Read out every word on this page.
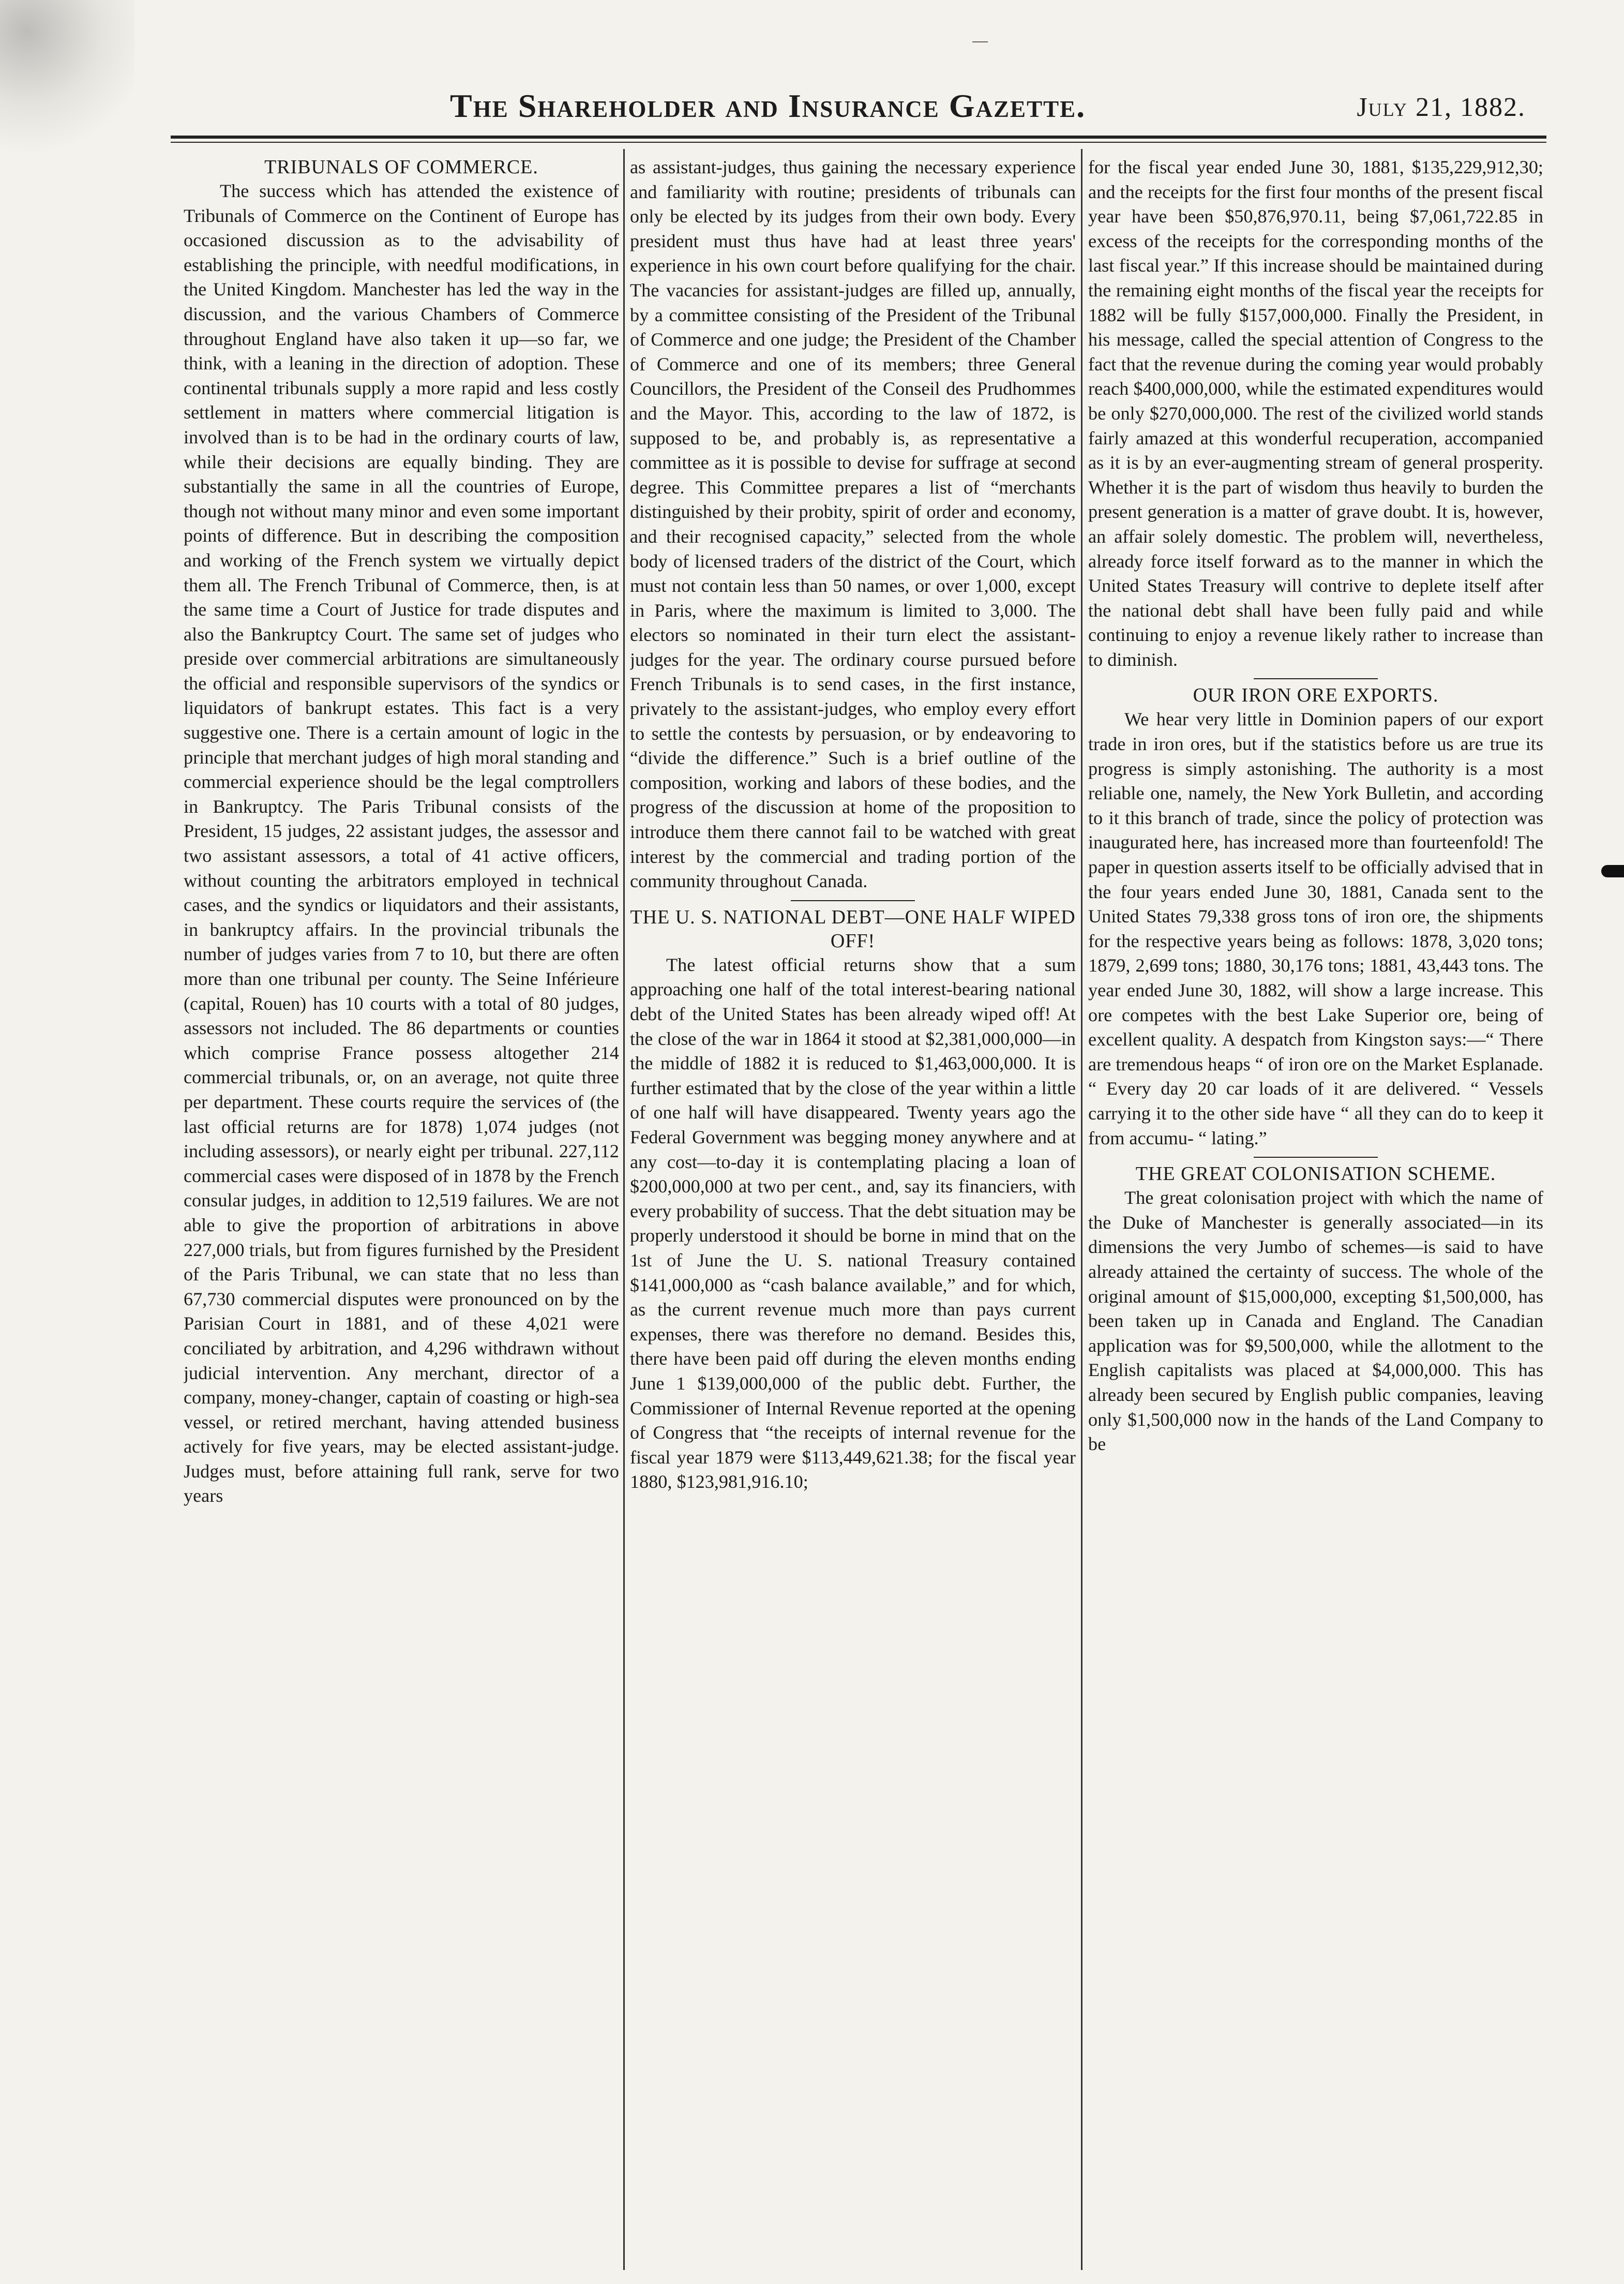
The Shareholder and Insurance Gazette.	July 21, 1882.
TRIBUNALS OF COMMERCE.

The success which has attended the existence of Tribunals of Commerce on the Continent of Europe has occasioned discussion as to the advisability of establishing the principle, with needful modifications, in the United Kingdom. Manchester has led the way in the discussion, and the various Chambers of Commerce throughout England have also taken it up—so far, we think, with a leaning in the direction of adoption. These continental tribunals supply a more rapid and less costly settlement in matters where commercial litigation is involved than is to be had in the ordinary courts of law, while their decisions are equally binding. They are substantially the same in all the countries of Europe, though not without many minor and even some important points of difference. But in describing the composition and working of the French system we virtually depict them all. The French Tribunal of Commerce, then, is at the same time a Court of Justice for trade disputes and also the Bankruptcy Court. The same set of judges who preside over commercial arbitrations are simultaneously the official and responsible supervisors of the syndics or liquidators of bankrupt estates. This fact is a very suggestive one. There is a certain amount of logic in the principle that merchant judges of high moral standing and commercial experience should be the legal comptrollers in Bankruptcy. The Paris Tribunal consists of the President, 15 judges, 22 assistant judges, the assessor and two assistant assessors, a total of 41 active officers, without counting the arbitrators employed in technical cases, and the syndics or liquidators and their assistants, in bankruptcy affairs. In the provincial tribunals the number of judges varies from 7 to 10, but there are often more than one tribunal per county. The Seine Inférieure (capital, Rouen) has 10 courts with a total of 80 judges, assessors not included. The 86 departments or counties which comprise France possess altogether 214 commercial tribunals, or, on an average, not quite three per department. These courts require the services of (the last official returns are for 1878) 1,074 judges (not including assessors), or nearly eight per tribunal. 227,112 commercial cases were disposed of in 1878 by the French consular judges, in addition to 12,519 failures. We are not able to give the proportion of arbitrations in above 227,000 trials, but from figures furnished by the President of the Paris Tribunal, we can state that no less than 67,730 commercial disputes were pronounced on by the Parisian Court in 1881, and of these 4,021 were conciliated by arbitration, and 4,296 withdrawn without judicial intervention. Any merchant, director of a company, money-changer, captain of coasting or high-sea vessel, or retired merchant, having attended business actively for five years, may be elected assistant-judge. Judges must, before attaining full rank, serve for two years

as assistant-judges, thus gaining the necessary experience and familiarity with routine; presidents of tribunals can only be elected by its judges from their own body. Every president must thus have had at least three years' experience in his own court before qualifying for the chair. The vacancies for assistant-judges are filled up, annually, by a committee consisting of the President of the Tribunal of Commerce and one judge; the President of the Chamber of Commerce and one of its members; three General Councillors, the President of the Conseil des Prudhommes and the Mayor. This, according to the law of 1872, is supposed to be, and probably is, as representative a committee as it is possible to devise for suffrage at second degree. This Committee prepares a list of “merchants distinguished by their probity, spirit of order and economy, and their recognised capacity,” selected from the whole body of licensed traders of the district of the Court, which must not contain less than 50 names, or over 1,000, except in Paris, where the maximum is limited to 3,000. The electors so nominated in their turn elect the assistant-judges for the year. The ordinary course pursued before French Tribunals is to send cases, in the first instance, privately to the assistant-judges, who employ every effort to settle the contests by persuasion, or by endeavoring to “divide the difference.” Such is a brief outline of the composition, working and labors of these bodies, and the progress of the discussion at home of the proposition to introduce them there cannot fail to be watched with great interest by the commercial and trading portion of the community throughout Canada.

THE U. S. NATIONAL DEBT—ONE HALF WIPED OFF!

The latest official returns show that a sum approaching one half of the total interest-bearing national debt of the United States has been already wiped off! At the close of the war in 1864 it stood at $2,381,000,000—in the middle of 1882 it is reduced to $1,463,000,000. It is further estimated that by the close of the year within a little of one half will have disappeared. Twenty years ago the Federal Government was begging money anywhere and at any cost—to-day it is contemplating placing a loan of $200,000,000 at two per cent., and, say its financiers, with every probability of success. That the debt situation may be properly understood it should be borne in mind that on the 1st of June the U. S. national Treasury contained $141,000,000 as “cash balance available,” and for which, as the current revenue much more than pays current expenses, there was therefore no demand. Besides this, there have been paid off during the eleven months ending June 1 $139,000,000 of the public debt. Further, the Commissioner of Internal Revenue reported at the opening of Congress that “the receipts of internal revenue for the fiscal year 1879 were $113,449,621.38; for the fiscal year 1880, $123,981,916.10;

for the fiscal year ended June 30, 1881, $135,229,912,30; and the receipts for the first four months of the present fiscal year have been $50,876,970.11, being $7,061,722.85 in excess of the receipts for the corresponding months of the last fiscal year.” If this increase should be maintained during the remaining eight months of the fiscal year the receipts for 1882 will be fully $157,000,000. Finally the President, in his message, called the special attention of Congress to the fact that the revenue during the coming year would probably reach $400,000,000, while the estimated expenditures would be only $270,000,000. The rest of the civilized world stands fairly amazed at this wonderful recuperation, accompanied as it is by an ever-augmenting stream of general prosperity. Whether it is the part of wisdom thus heavily to burden the present generation is a matter of grave doubt. It is, however, an affair solely domestic. The problem will, nevertheless, already force itself forward as to the manner in which the United States Treasury will contrive to deplete itself after the national debt shall have been fully paid and while continuing to enjoy a revenue likely rather to increase than to diminish.

OUR IRON ORE EXPORTS.

We hear very little in Dominion papers of our export trade in iron ores, but if the statistics before us are true its progress is simply astonishing. The authority is a most reliable one, namely, the New York Bulletin, and according to it this branch of trade, since the policy of protection was inaugurated here, has increased more than fourteenfold! The paper in question asserts itself to be officially advised that in the four years ended June 30, 1881, Canada sent to the United States 79,338 gross tons of iron ore, the shipments for the respective years being as follows: 1878, 3,020 tons; 1879, 2,699 tons; 1880, 30,176 tons; 1881, 43,443 tons. The year ended June 30, 1882, will show a large increase. This ore competes with the best Lake Superior ore, being of excellent quality. A despatch from Kingston says:—“ There are tremendous heaps “ of iron ore on the Market Esplanade. “ Every day 20 car loads of it are delivered. “ Vessels carrying it to the other side have “ all they can do to keep it from accumu- “ lating.”

THE GREAT COLONISATION SCHEME.

The great colonisation project with which the name of the Duke of Manchester is generally associated—in its dimensions the very Jumbo of schemes—is said to have already attained the certainty of success. The whole of the original amount of $15,000,000, excepting $1,500,000, has been taken up in Canada and England. The Canadian application was for $9,500,000, while the allotment to the English capitalists was placed at $4,000,000. This has already been secured by English public companies, leaving only $1,500,000 now in the hands of the Land Company to be
